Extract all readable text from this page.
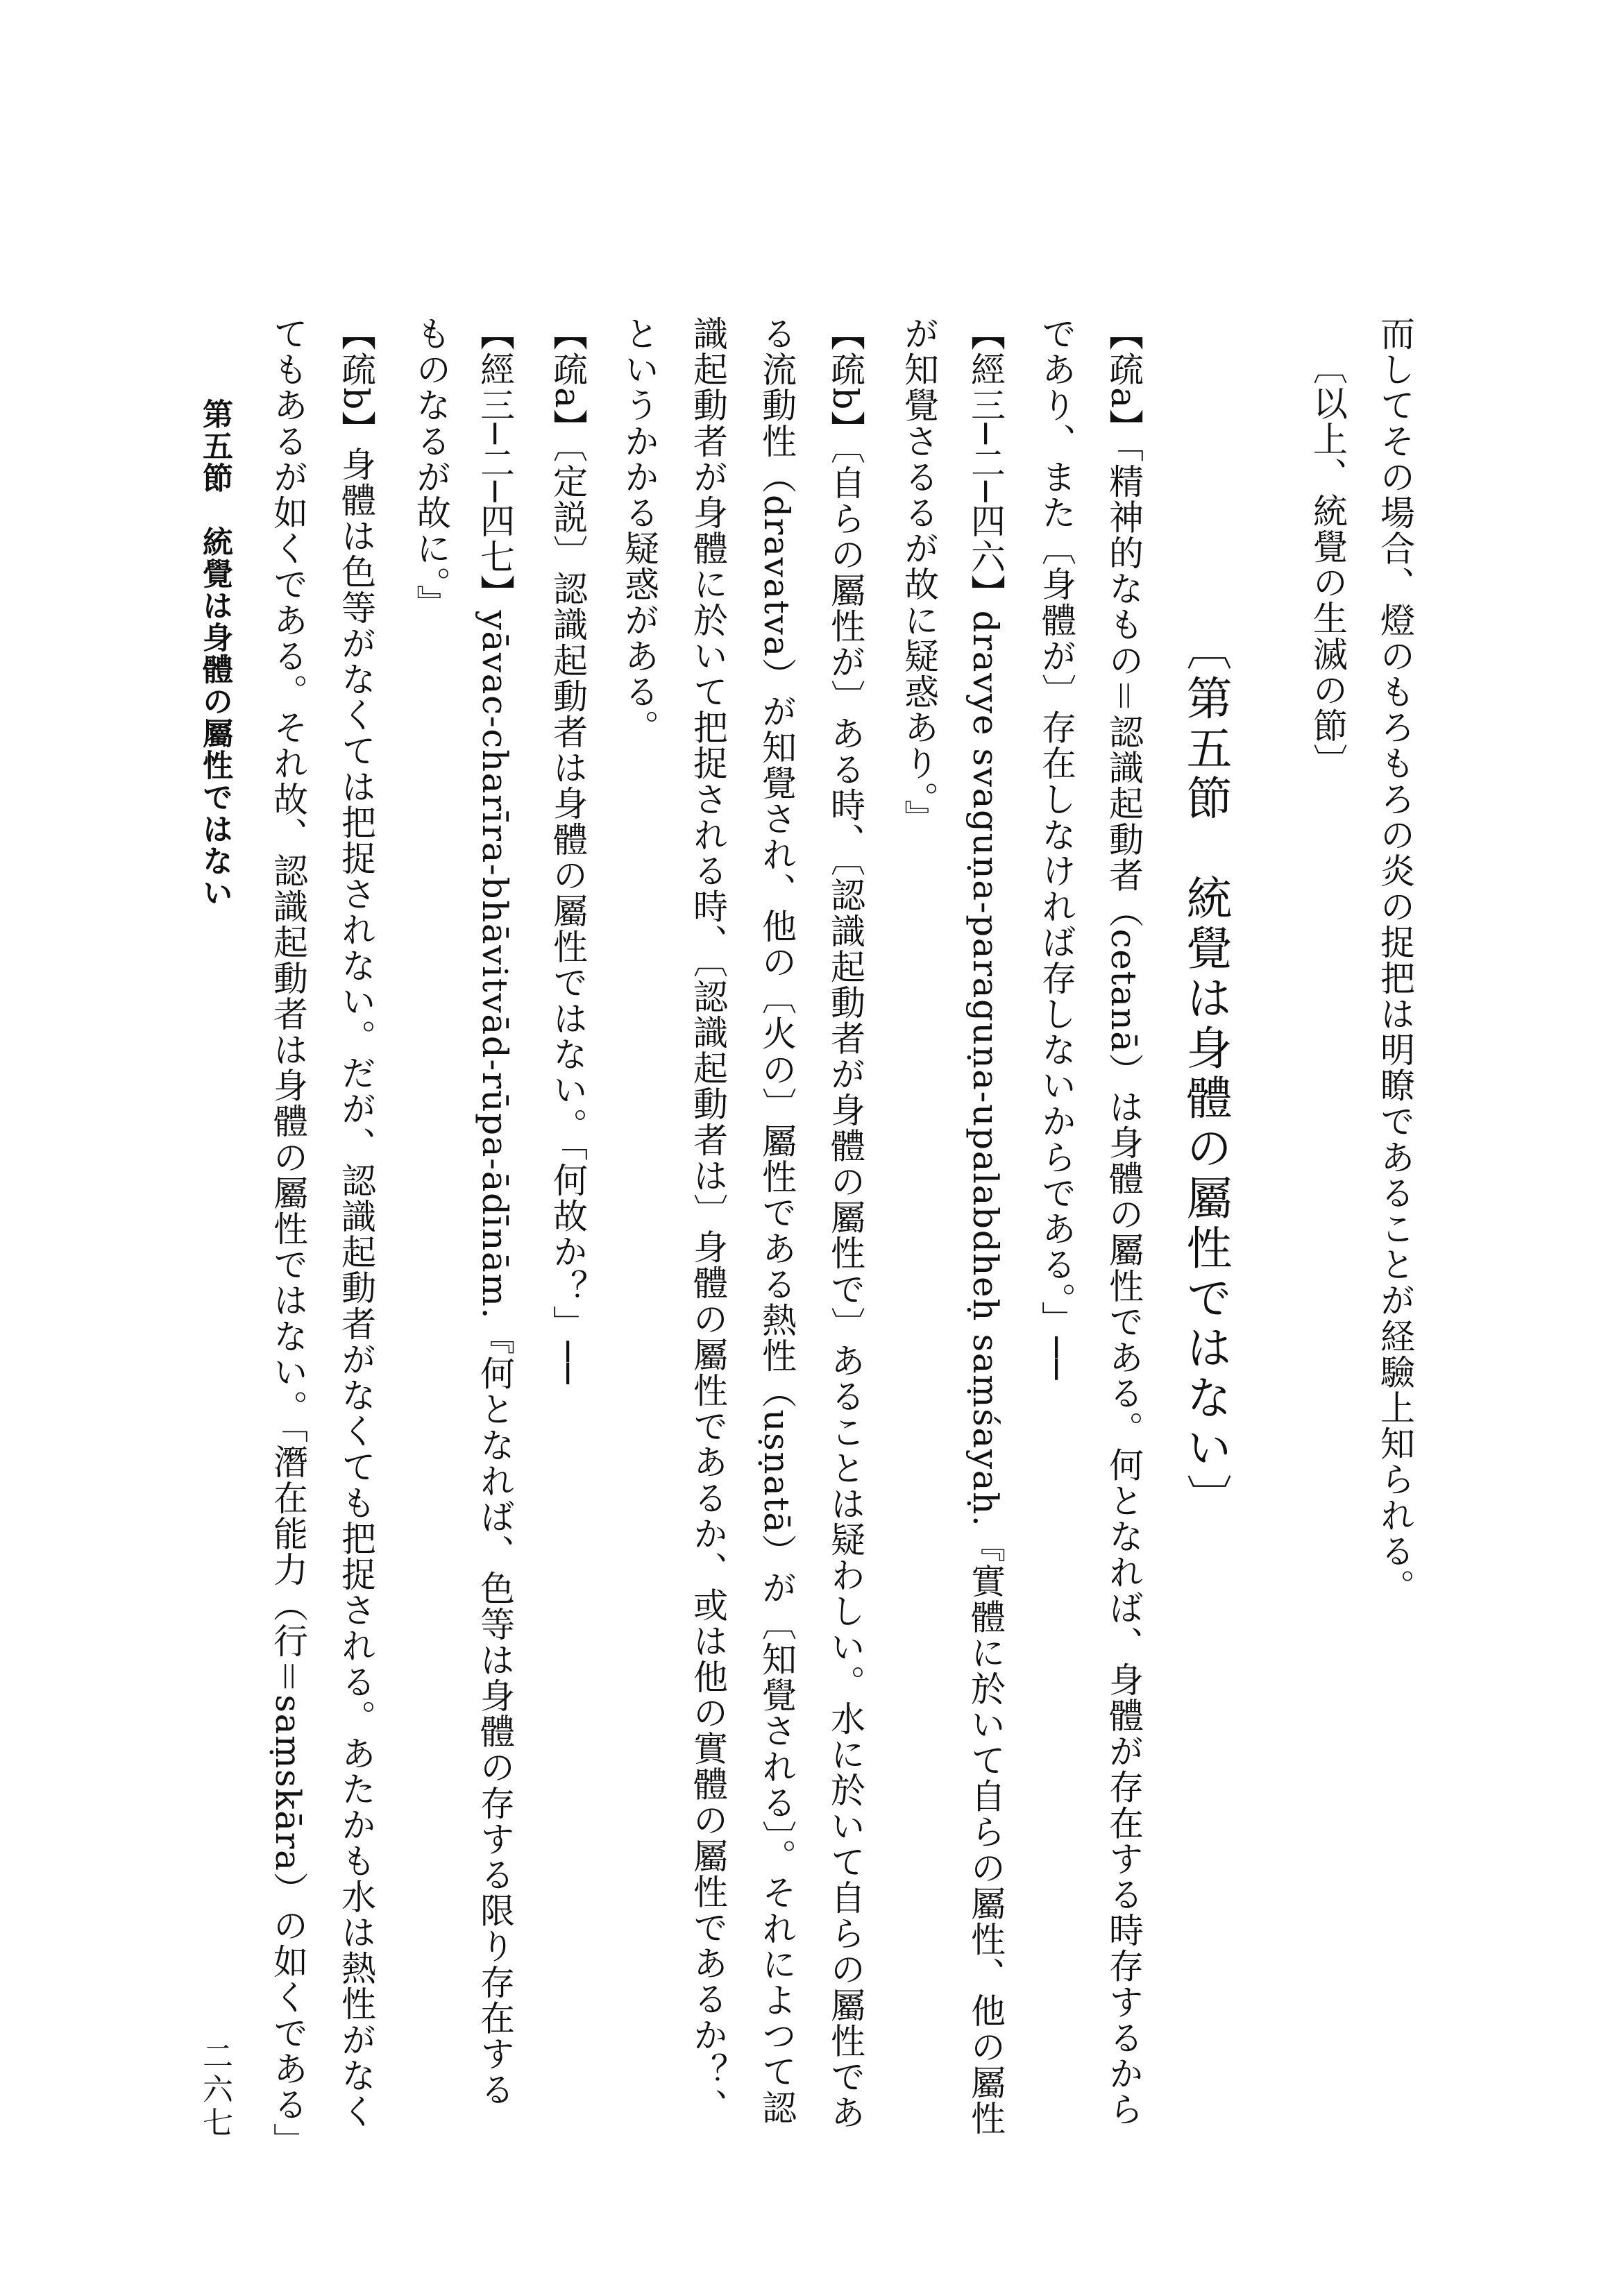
而してその場合、燈のもろもろの炎の捉把は明瞭であることが経驗上知られる。
〔以上、統覺の生滅の節〕
〔第五節　統覺は身體の屬性ではない〕
【疏a】「精神的なもの＝認識起動者（cetanā）は身體の屬性である。何となれば、身體が存在する時存するから
であり、また〔身體が〕存在しなければ存しないからである。」──
【經三─二─四六】dravye svaguṇa-paraguṇa-upalabdheḥ saṃśayaḥ.『實體に於いて自らの屬性、他の屬性
が知覺さるるが故に疑惑あり。』
【疏b】〔自らの屬性が〕ある時、〔認識起動者が身體の屬性で〕あることは疑わしい。水に於いて自らの屬性であ
る流動性（dravatva）が知覺され、他の〔火の〕屬性である熱性（uṣṇatā）が〔知覺される〕。それによつて認
識起動者が身體に於いて把捉される時、〔認識起動者は〕身體の屬性であるか、或は他の實體の屬性であるか？、
というかかる疑惑がある。
【疏a】〔定説〕認識起動者は身體の屬性ではない。「何故か？」──
【經三─二─四七】yāvac-charīra-bhāvitvād-rūpa-ādīnām.『何となれば、色等は身體の存する限り存在する
ものなるが故に。』
【疏b】身體は色等がなくては把捉されない。だが、認識起動者がなくても把捉される。あたかも水は熱性がなく
てもあるが如くである。それ故、認識起動者は身體の屬性ではない。「潛在能力（行＝saṃskāra）の如くである」
第五節　統覺は身體の屬性ではない
二六七
